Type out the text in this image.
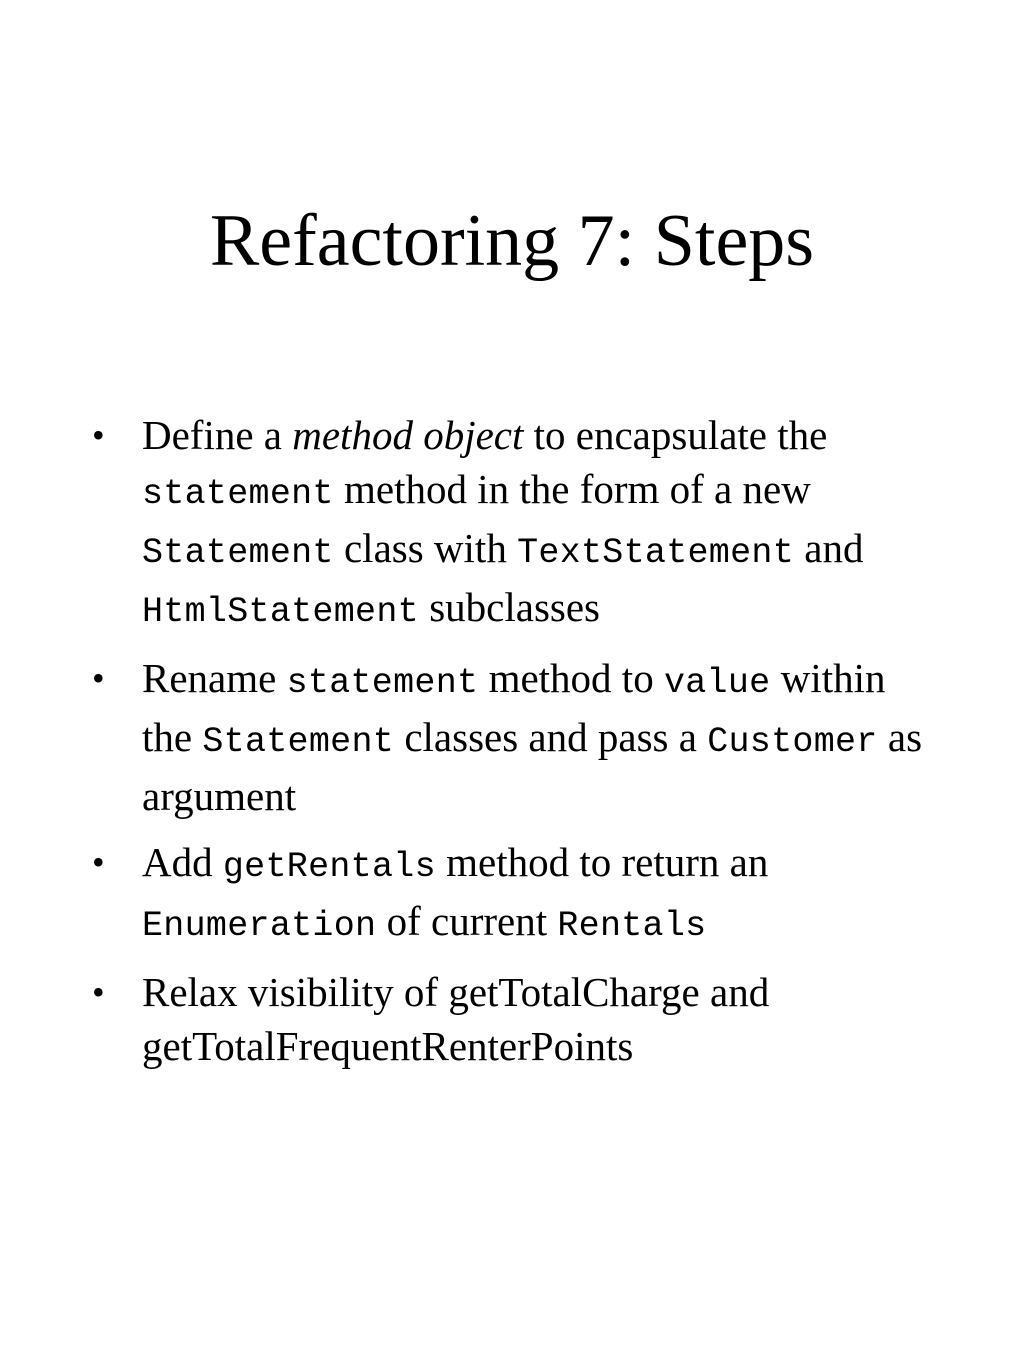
Refactoring 7: Steps
• Define a method object to encapsulate the statement method in the form of a new Statement class with TextStatement and HtmlStatement subclasses
• Rename statement method to value within the Statement classes and pass a Customer as argument
• Add getRentals method to return an Enumeration of current Rentals
• Relax visibility of getTotalCharge and getTotalFrequentRenterPoints
